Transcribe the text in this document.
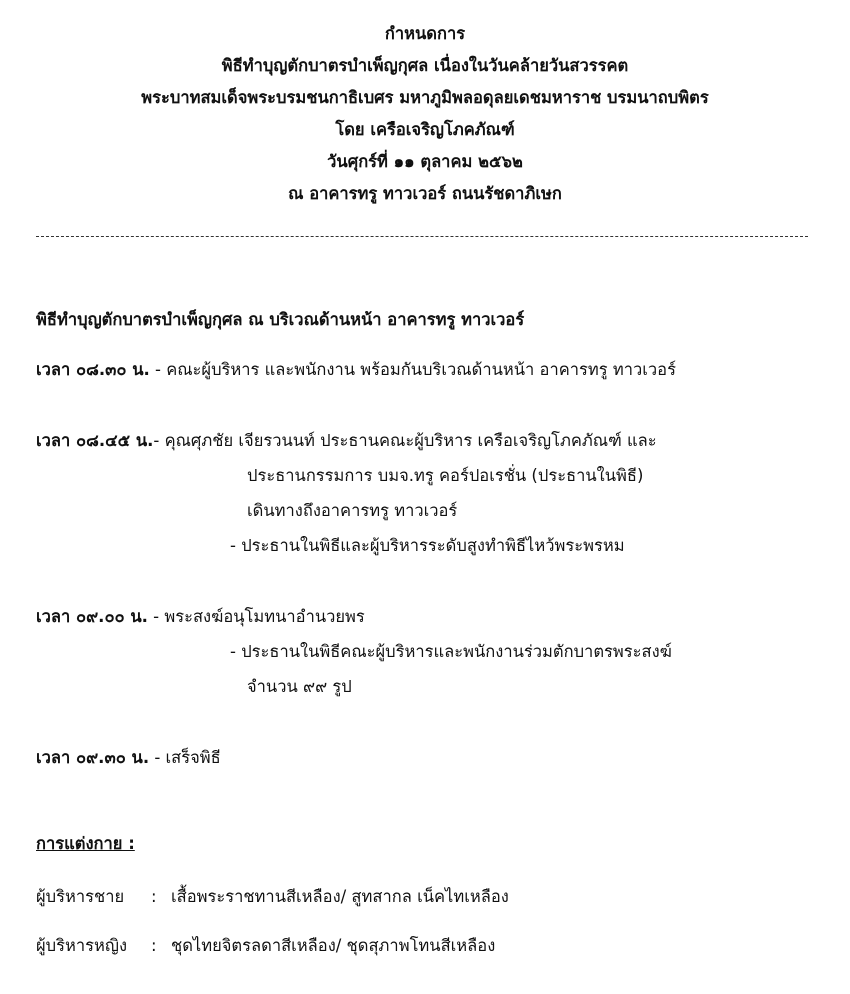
กำหนดการ
พิธีทำบุญตักบาตรบำเพ็ญกุศล เนื่องในวันคล้ายวันสวรรคต
พระบาทสมเด็จพระบรมชนกาธิเบศร มหาภูมิพลอดุลยเดชมหาราช บรมนาถบพิตร
โดย เครือเจริญโภคภัณฑ์
วันศุกร์ที่ ๑๑ ตุลาคม ๒๕๖๒
ณ อาคารทรู ทาวเวอร์ ถนนรัชดาภิเษก
พิธีทำบุญตักบาตรบำเพ็ญกุศล ณ บริเวณด้านหน้า อาคารทรู ทาวเวอร์
เวลา ๐๘.๓๐ น. - คณะผู้บริหาร และพนักงาน พร้อมกันบริเวณด้านหน้า อาคารทรู ทาวเวอร์
เวลา ๐๘.๔๕ น.- คุณศุภชัย เจียรวนนท์ ประธานคณะผู้บริหาร เครือเจริญโภคภัณฑ์ และ
ประธานกรรมการ บมจ.ทรู คอร์ปอเรชั่น (ประธานในพิธี)
เดินทางถึงอาคารทรู ทาวเวอร์
- ประธานในพิธีและผู้บริหารระดับสูงทำพิธีไหว้พระพรหม
เวลา ๐๙.๐๐ น. - พระสงฆ์อนุโมทนาอำนวยพร
- ประธานในพิธีคณะผู้บริหารและพนักงานร่วมตักบาตรพระสงฆ์
จำนวน ๙๙ รูป
เวลา ๐๙.๓๐ น. - เสร็จพิธี
การแต่งกาย :
ผู้บริหารชาย : เสื้อพระราชทานสีเหลือง/ สูทสากล เน็คไทเหลือง
ผู้บริหารหญิง : ชุดไทยจิตรลดาสีเหลือง/ ชุดสุภาพโทนสีเหลือง
